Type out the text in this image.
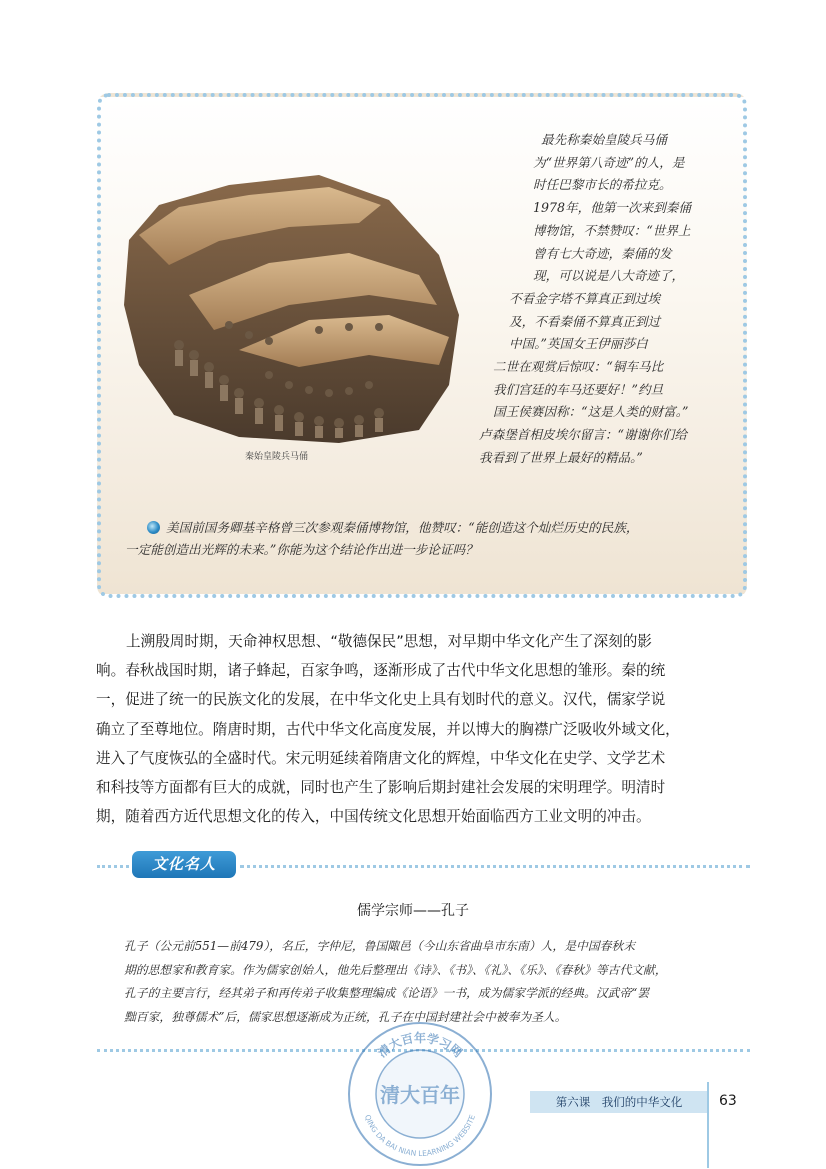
秦始皇陵兵马俑
最先称秦始皇陵兵马俑
为“世界第八奇迹”的人，是
时任巴黎市长的希拉克。
1978年，他第一次来到秦俑
博物馆，不禁赞叹：“世界上
曾有七大奇迹，秦俑的发
现，可以说是八大奇迹了，
不看金字塔不算真正到过埃
及，不看秦俑不算真正到过
中国。”英国女王伊丽莎白
二世在观赏后惊叹：“铜车马比
我们宫廷的车马还要好！”约旦
国王侯赛因称：“这是人类的财富。”
卢森堡首相皮埃尔留言：“谢谢你们给
我看到了世界上最好的精品。”
美国前国务卿基辛格曾三次参观秦俑博物馆，他赞叹：“能创造这个灿烂历史的民族，
一定能创造出光辉的未来。”你能为这个结论作出进一步论证吗？
上溯殷周时期，天命神权思想、“敬德保民”思想，对早期中华文化产生了深刻的影
响。春秋战国时期，诸子蜂起，百家争鸣，逐渐形成了古代中华文化思想的雏形。秦的统
一，促进了统一的民族文化的发展，在中华文化史上具有划时代的意义。汉代，儒家学说
确立了至尊地位。隋唐时期，古代中华文化高度发展，并以博大的胸襟广泛吸收外域文化，
进入了气度恢弘的全盛时代。宋元明延续着隋唐文化的辉煌，中华文化在史学、文学艺术
和科技等方面都有巨大的成就，同时也产生了影响后期封建社会发展的宋明理学。明清时
期，随着西方近代思想文化的传入，中国传统文化思想开始面临西方工业文明的冲击。
文化名人
儒学宗师——孔子
孔子（公元前551—前479），名丘，字仲尼，鲁国陬邑（今山东省曲阜市东南）人，是中国春秋末
期的思想家和教育家。作为儒家创始人，他先后整理出《诗》、《书》、《礼》、《乐》、《春秋》等古代文献，
孔子的主要言行，经其弟子和再传弟子收集整理编成《论语》一书，成为儒家学派的经典。汉武帝“罢
黜百家，独尊儒术”后，儒家思想逐渐成为正统，孔子在中国封建社会中被奉为圣人。
清大百年学习网
QING DA BAI NIAN LEARNING WEBSITE
清大百年	第六课　我们的中华文化	63
